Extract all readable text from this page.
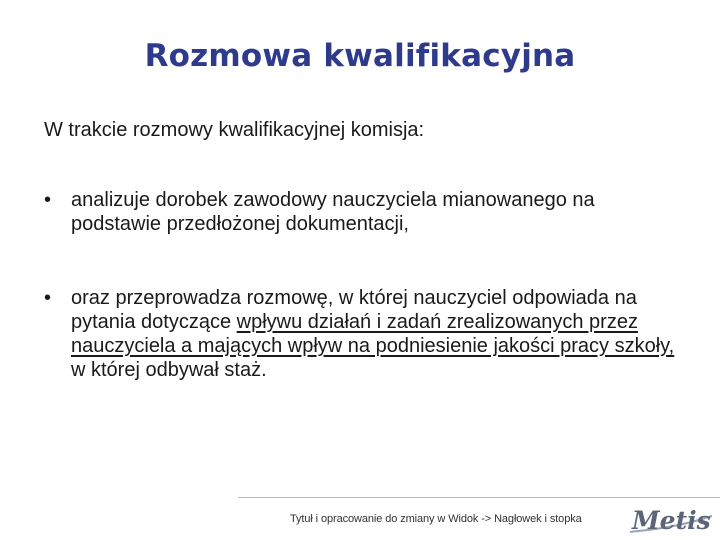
Rozmowa kwalifikacyjna
W trakcie rozmowy kwalifikacyjnej komisja:
• analizuje dorobek zawodowy nauczyciela mianowanego na podstawie przedłożonej dokumentacji,
• oraz przeprowadza rozmowę, w której nauczyciel odpowiada na pytania dotyczące wpływu działań i zadań zrealizowanych przez nauczyciela a mających wpływ na podniesienie jakości pracy szkoły, w której odbywał staż.
Tytuł i opracowanie do zmiany w Widok -> Nagłowek i stopka Metis
